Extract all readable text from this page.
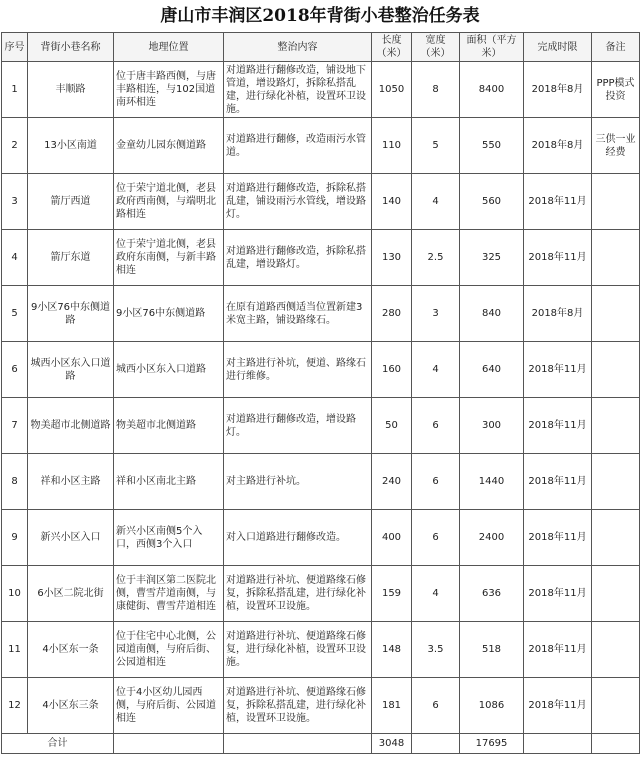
唐山市丰润区2018年背街小巷整治任务表
序号	背街小巷名称	地理位置	整治内容	长度（米）	宽度（米）	面积（平方米）	完成时限	备注
1	丰顺路	位于唐丰路西侧，与唐丰路相连，与102国道南环相连	对道路进行翻修改造，铺设地下管道，增设路灯，拆除私搭乱建，进行绿化补植，设置环卫设施。	1050	8	8400	2018年8月	PPP模式投资
2	13小区南道	金童幼儿园东侧道路	对道路进行翻修，改造雨污水管道。	110	5	550	2018年8月	三供一业经费
3	箭厅西道	位于荣宁道北侧，老县政府西南侧，与端明北路相连	对道路进行翻修改造，拆除私搭乱建，铺设雨污水管线，增设路灯。	140	4	560	2018年11月	
4	箭厅东道	位于荣宁道北侧，老县政府东南侧，与新丰路相连	对道路进行翻修改造，拆除私搭乱建，增设路灯。	130	2.5	325	2018年11月	
5	9小区76中东侧道路	9小区76中东侧道路	在原有道路西侧适当位置新建3米宽主路，铺设路缘石。	280	3	840	2018年8月	
6	城西小区东入口道路	城西小区东入口道路	对主路进行补坑，便道、路缘石进行维修。	160	4	640	2018年11月	
7	物美超市北侧道路	物美超市北侧道路	对道路进行翻修改造，增设路灯。	50	6	300	2018年11月	
8	祥和小区主路	祥和小区南北主路	对主路进行补坑。	240	6	1440	2018年11月	
9	新兴小区入口	新兴小区南侧5个入口，西侧3个入口	对入口道路进行翻修改造。	400	6	2400	2018年11月	
10	6小区二院北街	位于丰润区第二医院北侧，曹雪芹道南侧，与康健街、曹雪芹道相连	对道路进行补坑、便道路缘石修复，拆除私搭乱建，进行绿化补植，设置环卫设施。	159	4	636	2018年11月	
11	4小区东一条	位于住宅中心北侧，公园道南侧，与府后街、公园道相连	对道路进行补坑、便道路缘石修复，进行绿化补植，设置环卫设施。	148	3.5	518	2018年11月	
12	4小区东三条	位于4小区幼儿园西侧，与府后街、公园道相连	对道路进行补坑、便道路缘石修复，拆除私搭乱建，进行绿化补植，设置环卫设施。	181	6	1086	2018年11月	
合计				3048		17695		
